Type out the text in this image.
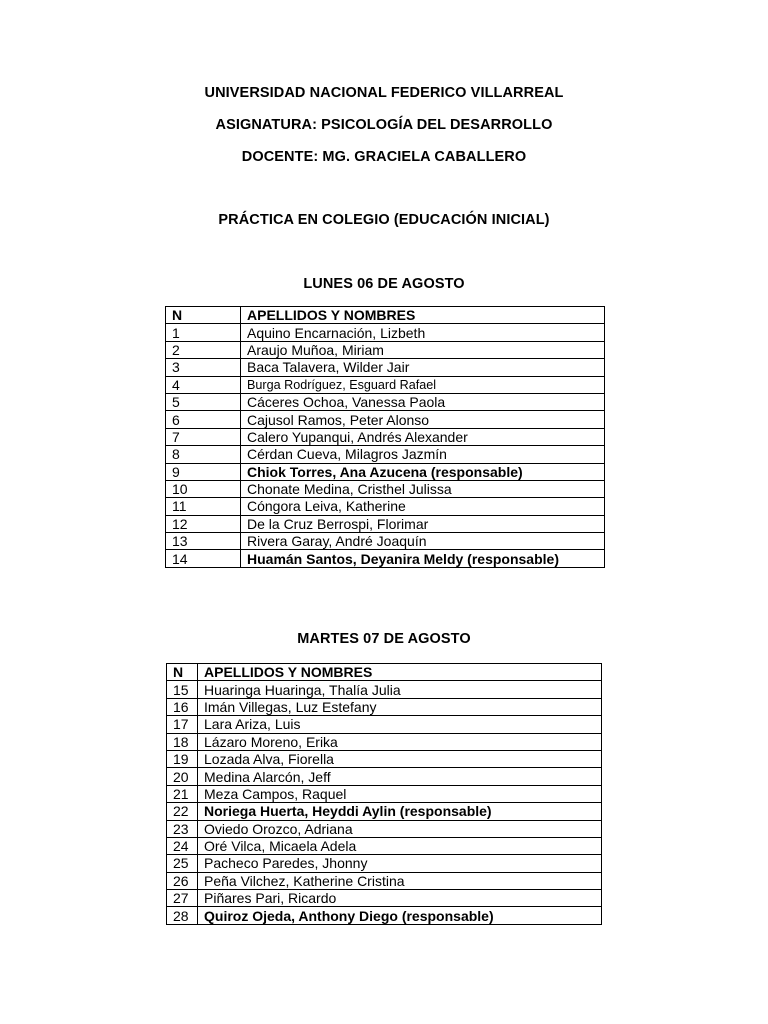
UNIVERSIDAD NACIONAL FEDERICO VILLARREAL
ASIGNATURA: PSICOLOGÍA DEL DESARROLLO
DOCENTE: MG. GRACIELA CABALLERO
PRÁCTICA EN COLEGIO (EDUCACIÓN INICIAL)
LUNES 06 DE AGOSTO
N	APELLIDOS Y NOMBRES
1	Aquino Encarnación, Lizbeth
2	Araujo Muñoa, Miriam
3	Baca Talavera, Wilder Jair
4	Burga Rodríguez, Esguard Rafael
5	Cáceres Ochoa, Vanessa Paola
6	Cajusol Ramos, Peter Alonso
7	Calero Yupanqui, Andrés Alexander
8	Cérdan Cueva, Milagros Jazmín
9	Chiok Torres, Ana Azucena (responsable)
10	Chonate Medina, Cristhel Julissa
11	Cóngora Leiva, Katherine
12	De la Cruz Berrospi, Florimar
13	Rivera Garay, André Joaquín
14	Huamán Santos, Deyanira Meldy (responsable)
MARTES 07 DE AGOSTO
N	APELLIDOS Y NOMBRES
15	Huaringa Huaringa, Thalía Julia
16	Imán Villegas, Luz Estefany
17	Lara Ariza, Luis
18	Lázaro Moreno, Erika
19	Lozada Alva, Fiorella
20	Medina Alarcón, Jeff
21	Meza Campos, Raquel
22	Noriega Huerta, Heyddi Aylin (responsable)
23	Oviedo Orozco, Adriana
24	Oré Vilca, Micaela Adela
25	Pacheco Paredes, Jhonny
26	Peña Vilchez, Katherine Cristina
27	Piñares Pari, Ricardo
28	Quiroz Ojeda, Anthony Diego (responsable)
